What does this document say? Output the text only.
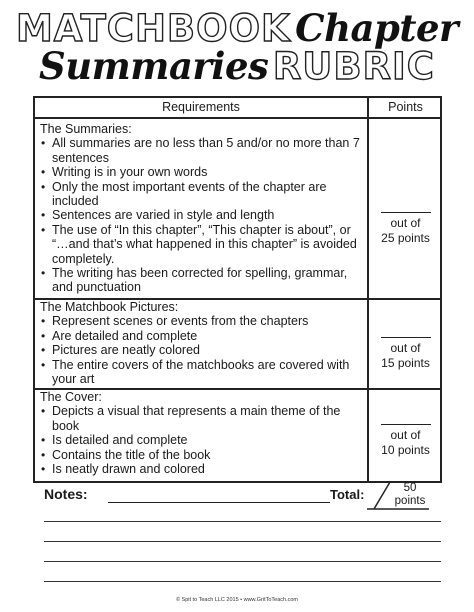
MATCHBOOK Chapter
Summaries RUBRIC
Requirements	Points
The Summaries:
• All summaries are no less than 5 and/or no more than 7 sentences
• Writing is in your own words
• Only the most important events of the chapter are included
• Sentences are varied in style and length
• The use of “In this chapter”, “This chapter is about”, or “…and that’s what happened in this chapter” is avoided completely.
• The writing has been corrected for spelling, grammar, and punctuation
out of
25 points
The Matchbook Pictures:
• Represent scenes or events from the chapters
• Are detailed and complete
• Pictures are neatly colored
• The entire covers of the matchbooks are covered with your art
out of
15 points
The Cover:
• Depicts a visual that represents a main theme of the book
• Is detailed and complete
• Contains the title of the book
• Is neatly drawn and colored
out of
10 points
Notes:	Total:	50
points
© Spit to Teach LLC 2015 • www.GritToTeach.com
